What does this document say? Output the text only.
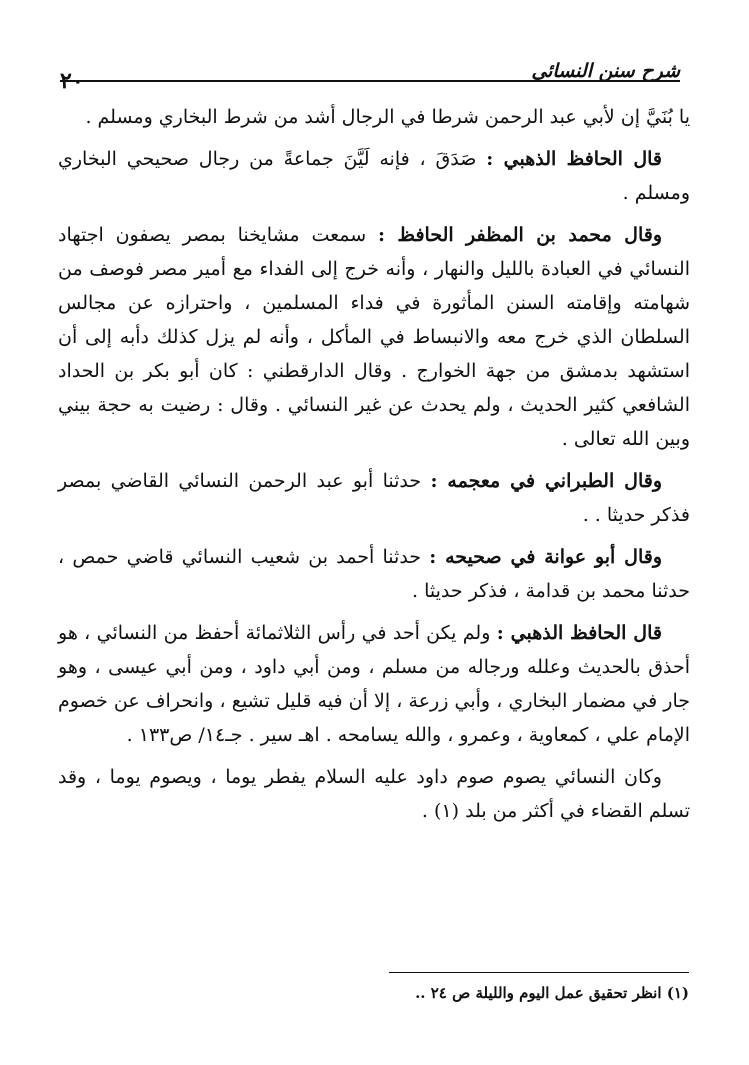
شرح سنن النسائي
٢٠

يا بُنَيَّ إن لأبي عبد الرحمن شرطا في الرجال أشد من شرط البخاري ومسلم .

قال الحافظ الذهبي : صَدَقَ ، فإنه لَيَّنَ جماعةً من رجال صحيحي البخاري ومسلم .

وقال محمد بن المظفر الحافظ : سمعت مشايخنا بمصر يصفون اجتهاد النسائي في العبادة بالليل والنهار ، وأنه خرج إلى الفداء مع أمير مصر فوصف من شهامته وإقامته السنن المأثورة في فداء المسلمين ، واحترازه عن مجالس السلطان الذي خرج معه والانبساط في المأكل ، وأنه لم يزل كذلك دأبه إلى أن استشهد بدمشق من جهة الخوارج . وقال الدارقطني : كان أبو بكر بن الحداد الشافعي كثير الحديث ، ولم يحدث عن غير النسائي . وقال : رضيت به حجة بيني وبين الله تعالى .

وقال الطبراني في معجمه : حدثنا أبو عبد الرحمن النسائي القاضي بمصر فذكر حديثا . .

وقال أبو عوانة في صحيحه : حدثنا أحمد بن شعيب النسائي قاضي حمص ، حدثنا محمد بن قدامة ، فذكر حديثا .

قال الحافظ الذهبي : ولم يكن أحد في رأس الثلاثمائة أحفظ من النسائي ، هو أحذق بالحديث وعلله ورجاله من مسلم ، ومن أبي داود ، ومن أبي عيسى ، وهو جار في مضمار البخاري ، وأبي زرعة ، إلا أن فيه قليل تشيع ، وانحراف عن خصوم الإمام علي ، كمعاوية ، وعمرو ، والله يسامحه . اهـ سير . جـ١٤/ ص١٣٣ .

وكان النسائي يصوم صوم داود عليه السلام يفطر يوما ، ويصوم يوما ، وقد تسلم القضاء في أكثر من بلد (١) .

(١) انظر تحقيق عمل اليوم والليلة ص ٢٤ ..
